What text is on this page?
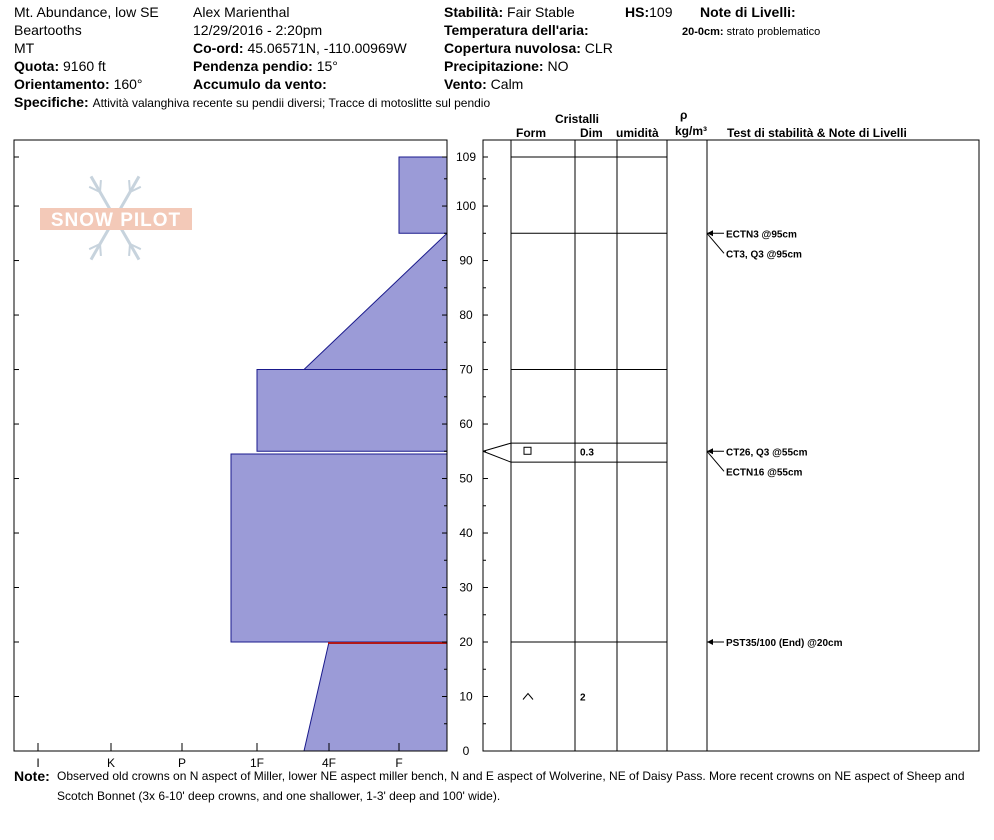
Mt. Abundance, low SE
Beartooths
MT
Quota: 9160 ft
Orientamento: 160°
Alex Marienthal
12/29/2016 - 2:20pm
Co-ord: 45.06571N, -110.00969W
Pendenza pendio: 15°
Accumulo da vento:
Stabilità: Fair Stable	HS:109
Temperatura dell'aria:
Copertura nuvolosa: CLR
Precipitazione: NO
Vento: Calm
Note di Livelli:
20-0cm: strato problematico
Specifiche: Attività valanghiva recente su pendii diversi; Tracce di motoslitte sul pendio
Cristalli
Form	Dim umidità
ρ
kg/m³ Test di stabilità & Note di Livelli
SNOW PILOT
0
10
20
30
40
50
60
70
80
90
100
109
I	K	P	1F	4F	F
0.3
2
PST35/100 (End) @20cm
CT26, Q3 @55cm
ECTN16 @55cm
ECTN3 @95cm
CT3, Q3 @95cm
Note: Observed old crowns on N aspect of Miller, lower NE aspect miller bench, N and E aspect of Wolverine, NE of Daisy Pass. More recent crowns on NE aspect of Sheep and Scotch Bonnet (3x 6-10' deep crowns, and one shallower, 1-3' deep and 100' wide).
